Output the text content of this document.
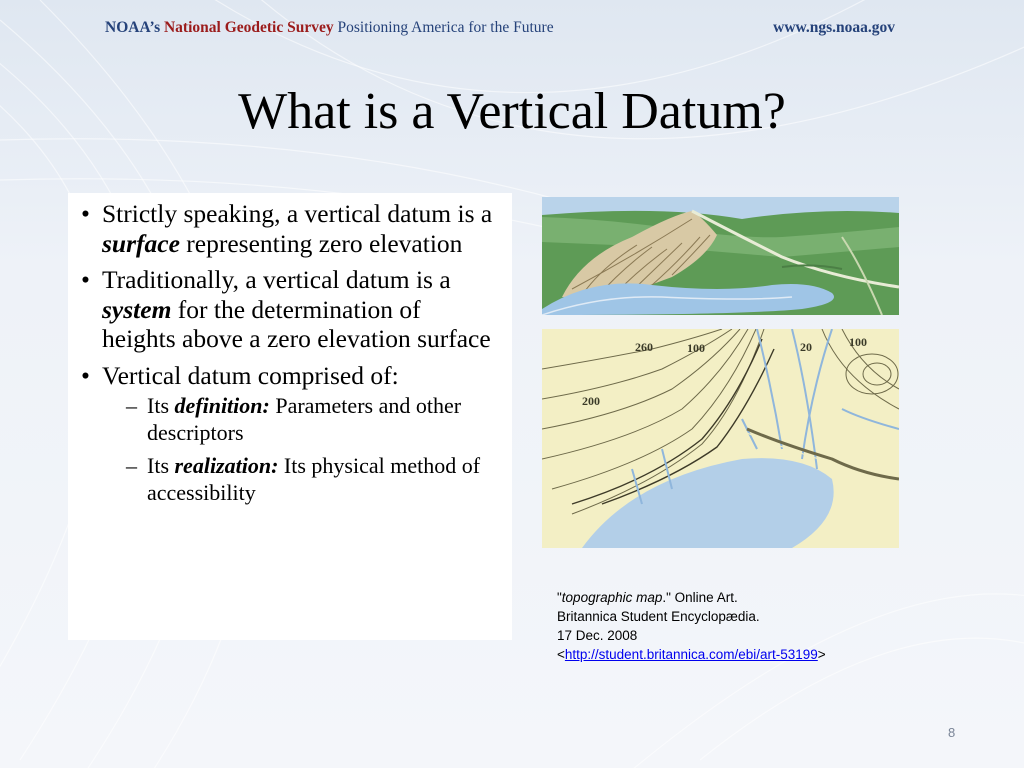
NOAA’s National Geodetic Survey Positioning America for the Future	www.ngs.noaa.gov
What is a Vertical Datum?
• Strictly speaking, a vertical datum is a surface representing zero elevation
• Traditionally, a vertical datum is a system for the determination of heights above a zero elevation surface
• Vertical datum comprised of:
– Its definition: Parameters and other descriptors
– Its realization: Its physical method of accessibility
260	100	20	100
200
"topographic map." Online Art.
Britannica Student Encyclopædia.
17 Dec. 2008
<http://student.britannica.com/ebi/art-53199>
8
